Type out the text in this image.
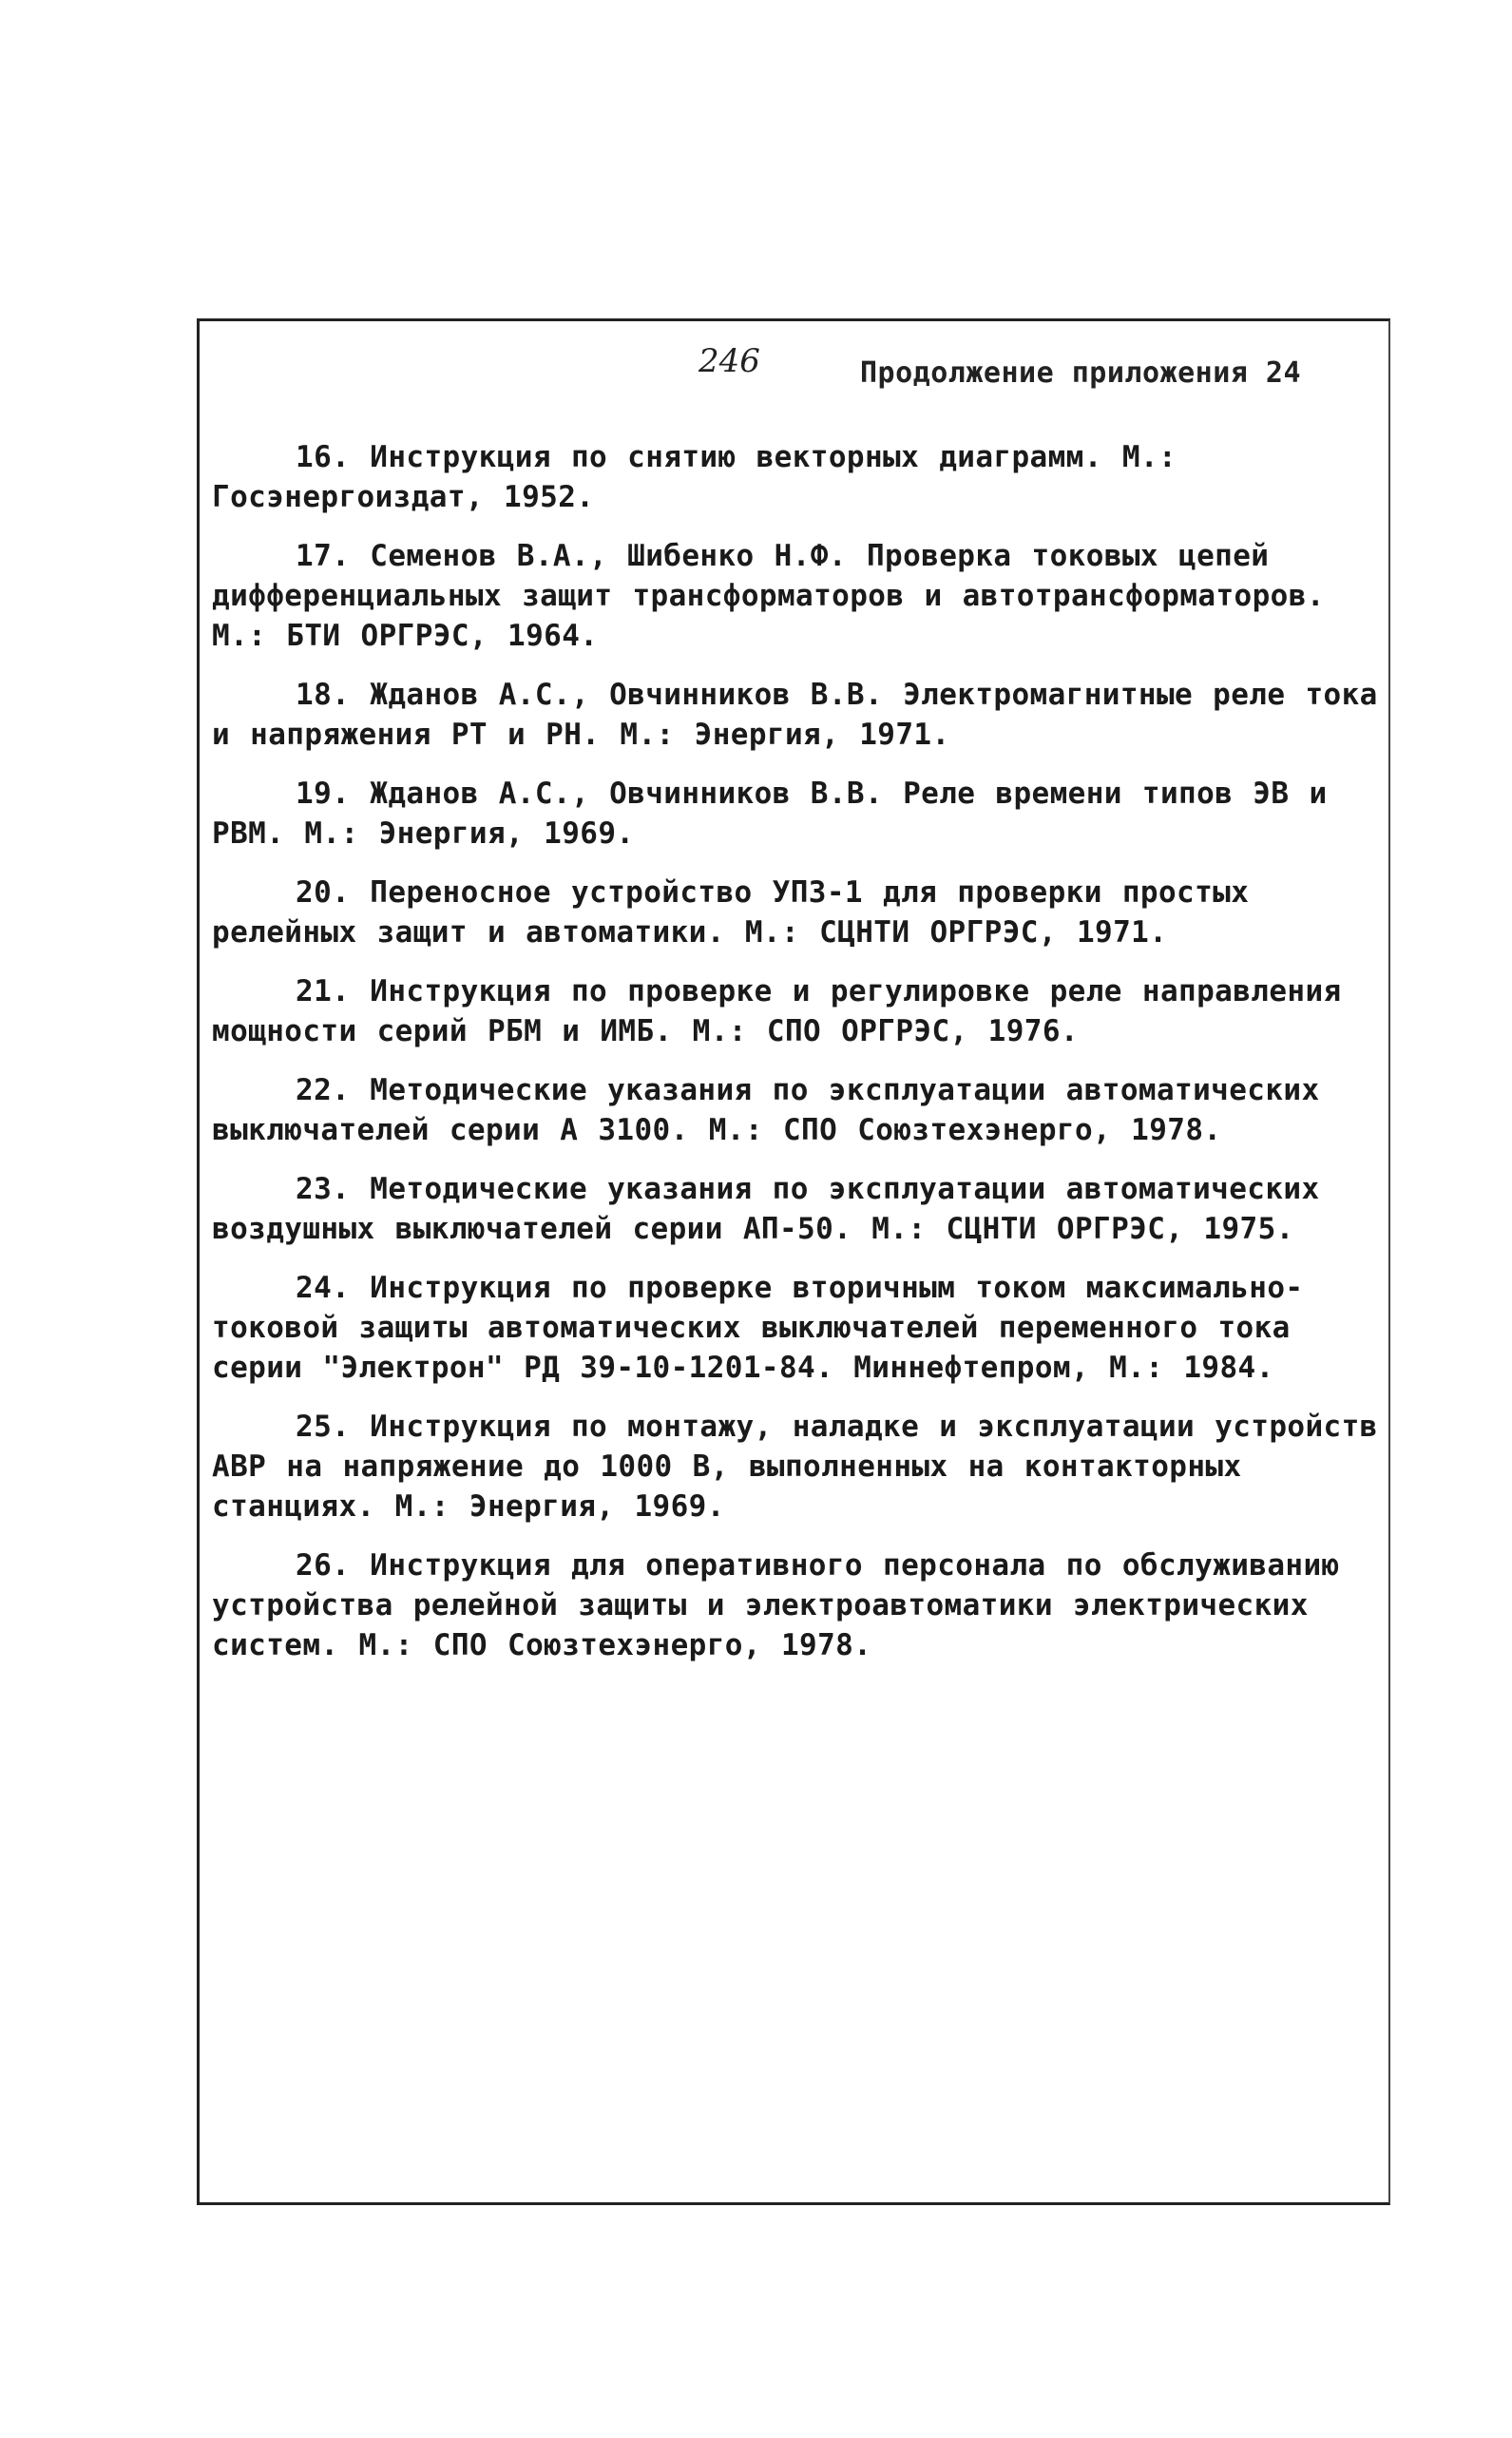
246	Продолжение приложения 24

16. Инструкция по снятию векторных диаграмм. М.: Госэнергоиздат, 1952.

17. Семенов В.А., Шибенко Н.Ф. Проверка токовых цепей дифференциальных защит трансформаторов и автотрансформаторов. М.: БТИ ОРГРЭС, 1964.

18. Жданов А.С., Овчинников В.В. Электромагнитные реле тока и напряжения РТ и РН. М.: Энергия, 1971.

19. Жданов А.С., Овчинников В.В. Реле времени типов ЭВ и РВМ. М.: Энергия, 1969.

20. Переносное устройство УПЗ-1 для проверки простых релейных защит и автоматики. М.: СЦНТИ ОРГРЭС, 1971.

21. Инструкция по проверке и регулировке реле направления мощности серий РБМ и ИМБ. М.: СПО ОРГРЭС, 1976.

22. Методические указания по эксплуатации автоматических выключателей серии А 3100. М.: СПО Союзтехэнерго, 1978.

23. Методические указания по эксплуатации автоматических воздушных выключателей серии АП-50. М.: СЦНТИ ОРГРЭС, 1975.

24. Инструкция по проверке вторичным током максимально-токовой защиты автоматических выключателей переменного тока серии "Электрон" РД 39-10-1201-84. Миннефтепром, М.: 1984.

25. Инструкция по монтажу, наладке и эксплуатации устройств АВР на напряжение до 1000 В, выполненных на контакторных станциях. М.: Энергия, 1969.

26. Инструкция для оперативного персонала по обслуживанию устройства релейной защиты и электроавтоматики электрических систем. М.: СПО Союзтехэнерго, 1978.
